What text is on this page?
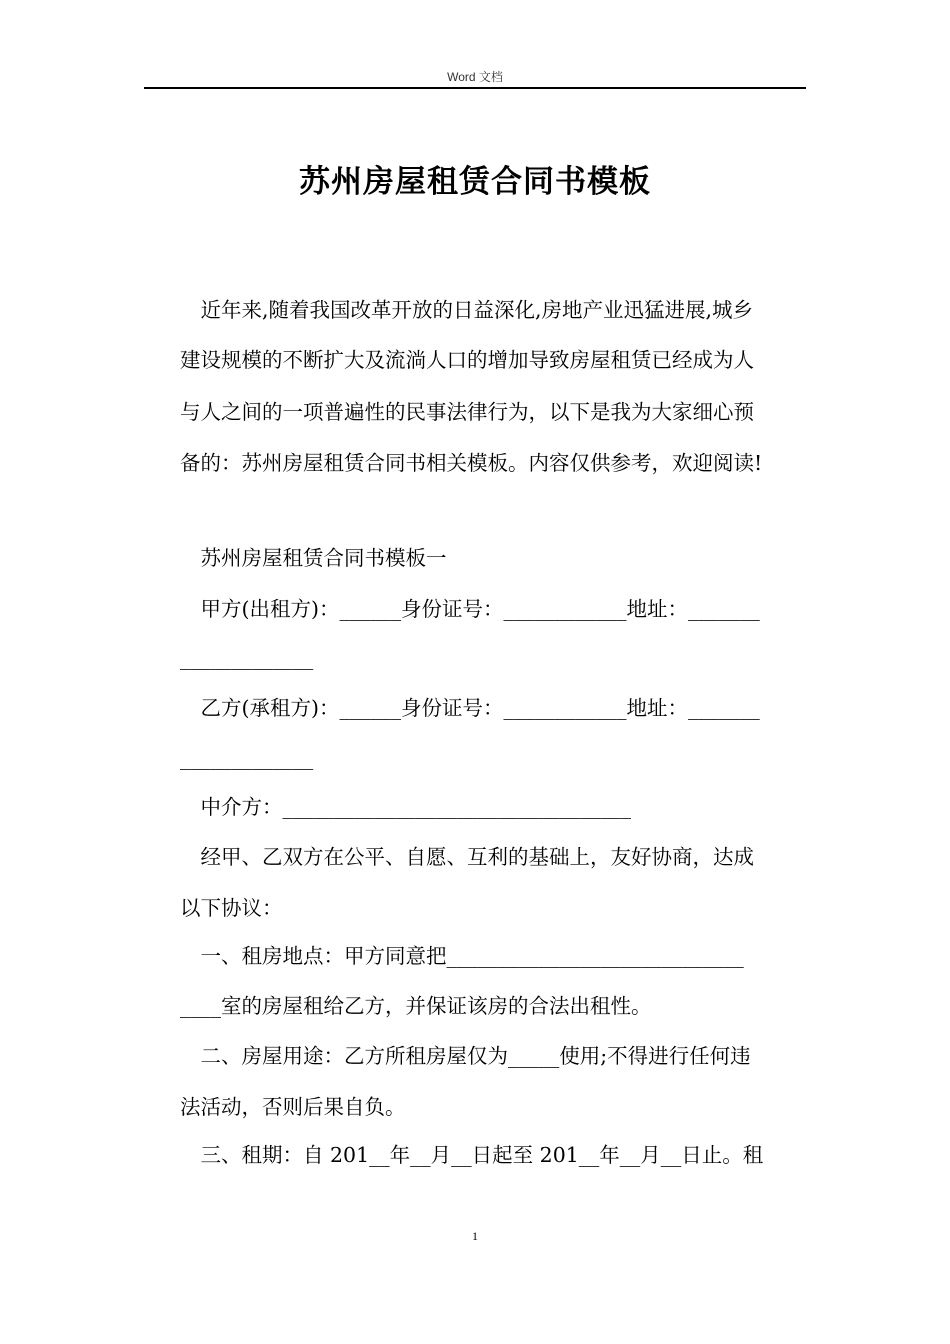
Word 文档
苏州房屋租赁合同书模板
　近年来,随着我国改革开放的日益深化,房地产业迅猛进展,城乡
建设规模的不断扩大及流淌人口的增加导致房屋租赁已经成为人
与人之间的一项普遍性的民事法律行为，以下是我为大家细心预
备的：苏州房屋租赁合同书相关模板。内容仅供参考，欢迎阅读!
　苏州房屋租赁合同书模板一
　甲方(出租方)：______身份证号：____________地址：_______
_____________
　乙方(承租方)：______身份证号：____________地址：_______
_____________
　中介方：__________________________________
　经甲、乙双方在公平、自愿、互利的基础上，友好协商，达成
以下协议：
　一、租房地点：甲方同意把_____________________________
____室的房屋租给乙方，并保证该房的合法出租性。
　二、房屋用途：乙方所租房屋仅为_____使用;不得进行任何违
法活动，否则后果自负。
　三、租期：自 201__年__月__日起至 201__年__月__日止。租
1
